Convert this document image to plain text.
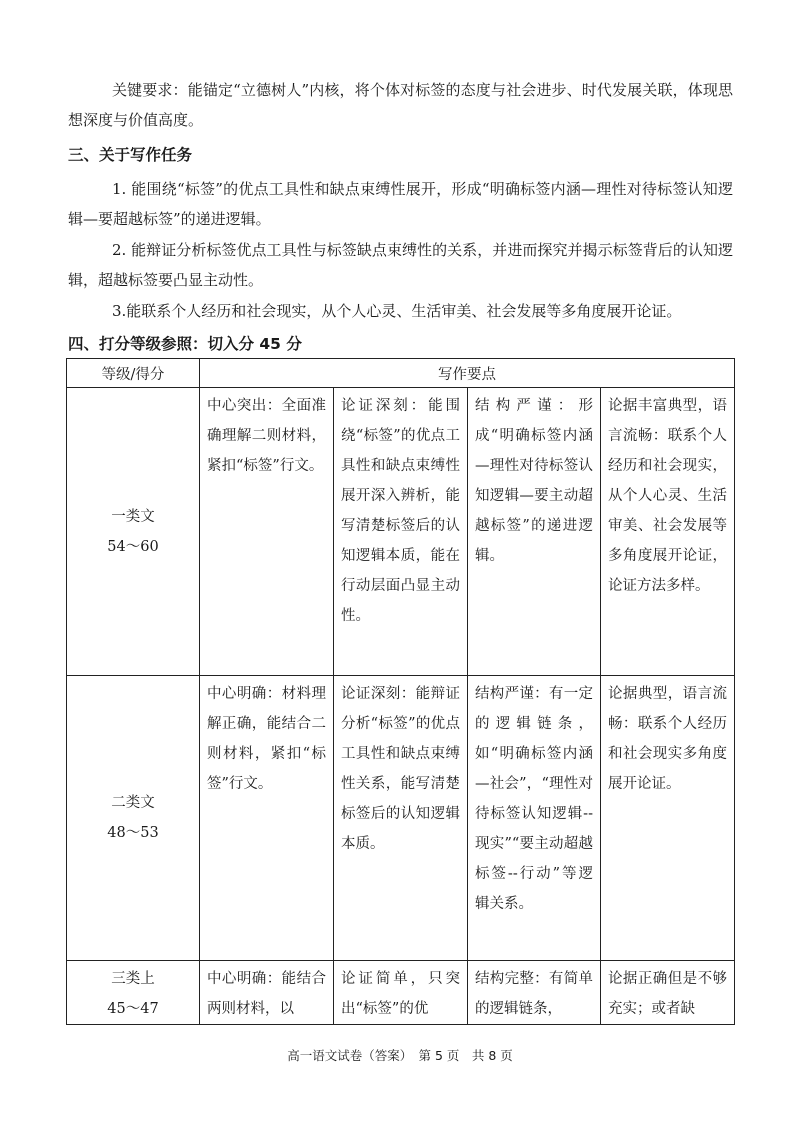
关键要求：能锚定“立德树人”内核，将个体对标签的态度与社会进步、时代发展关联，体现思想深度与价值高度。

三、关于写作任务

1. 能围绕“标签”的优点工具性和缺点束缚性展开，形成“明确标签内涵—理性对待标签认知逻辑—要超越标签”的递进逻辑。

2. 能辩证分析标签优点工具性与标签缺点束缚性的关系，并进而探究并揭示标签背后的认知逻辑，超越标签要凸显主动性。

3.能联系个人经历和社会现实，从个人心灵、生活审美、社会发展等多角度展开论证。

四、打分等级参照：切入分 45 分

等级/得分	写作要点			

一类文
54～60	中心突出：全面准确理解二则材料，紧扣“标签”行文。	论证深刻：能围绕“标签”的优点工具性和缺点束缚性展开深入辨析，能写清楚标签后的认知逻辑本质，能在行动层面凸显主动性。	结构严谨：形成“明确标签内涵—理性对待标签认知逻辑—要主动超越标签”的递进逻辑。	论据丰富典型，语言流畅：联系个人经历和社会现实，从个人心灵、生活审美、社会发展等多角度展开论证，论证方法多样。

二类文
48～53	中心明确：材料理解正确，能结合二则材料，紧扣“标签”行文。	论证深刻：能辩证分析“标签”的优点工具性和缺点束缚性关系，能写清楚标签后的认知逻辑本质。	结构严谨：有一定的逻辑链条，如“明确标签内涵—社会”，“理性对待标签认知逻辑--现实”“要主动超越标签--行动”等逻辑关系。	论据典型，语言流畅：联系个人经历和社会现实多角度展开论证。

三类上
45～47	中心明确：能结合两则材料，以	论证简单，只突出“标签”的优	结构完整：有简单的逻辑链条，	论据正确但是不够充实；或者缺
高一语文试卷（答案）　第 5 页　共 8 页
